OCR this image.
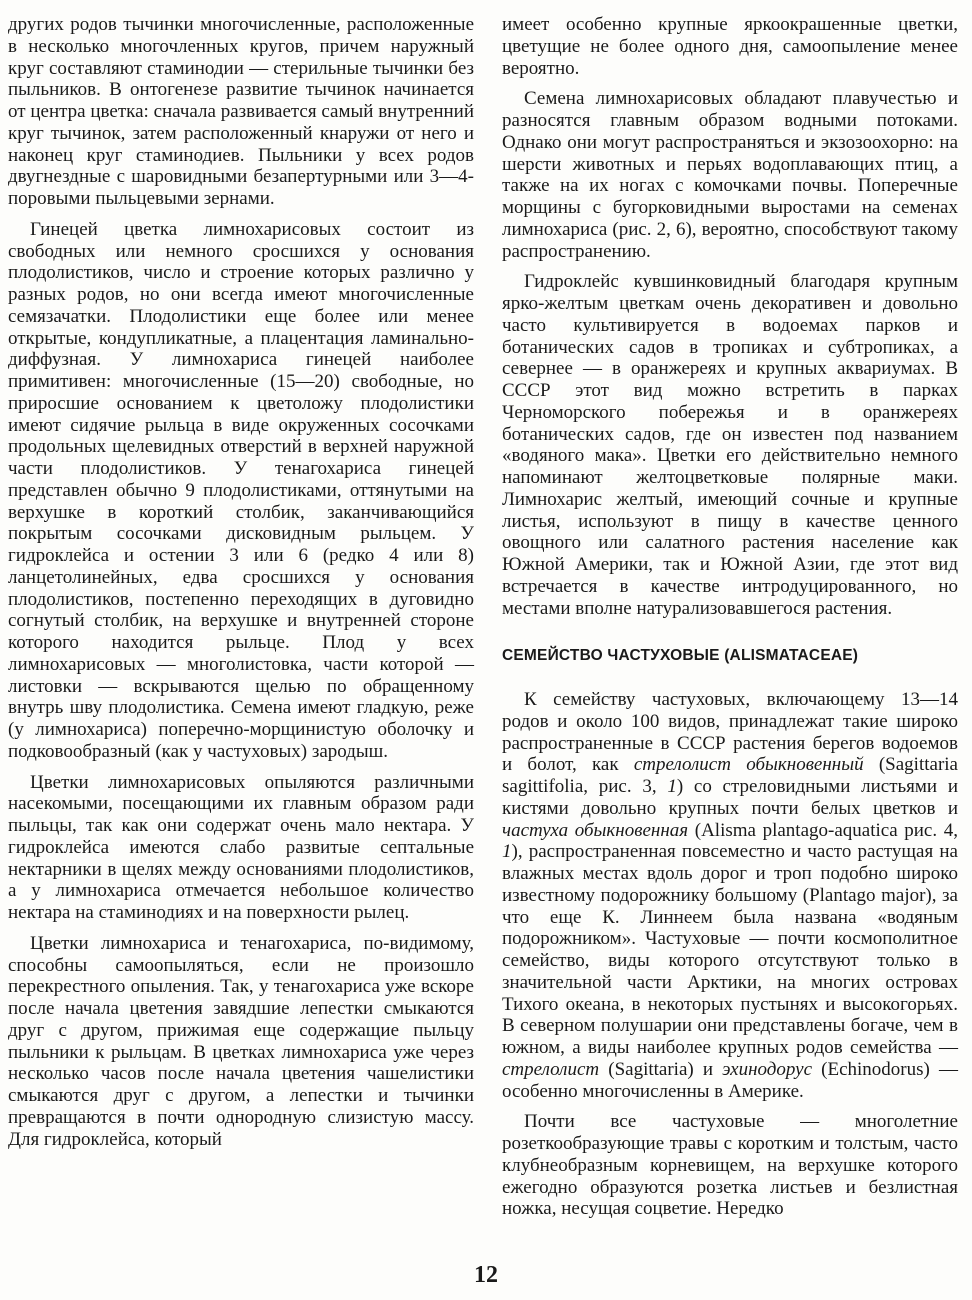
других родов тычинки многочисленные, расположенные в несколько многочленных кругов, причем наружный круг составляют стаминодии — стерильные тычинки без пыльников. В онтогенезе развитие тычинок начинается от центра цветка: сначала развивается самый внутренний круг тычинок, затем расположенный кнаружи от него и наконец круг стаминодиев. Пыльники у всех родов двугнездные с шаровидными безапертурными или 3—4-поровыми пыльцевыми зернами.

Гинецей цветка лимнохарисовых состоит из свободных или немного сросшихся у основания плодолистиков, число и строение которых различно у разных родов, но они всегда имеют многочисленные семязачатки. Плодолистики еще более или менее открытые, кондупликатные, а плацентация ламинально-диффузная. У лимнохариса гинецей наиболее примитивен: многочисленные (15—20) свободные, но приросшие основанием к цветоложу плодолистики имеют сидячие рыльца в виде окруженных сосочками продольных щелевидных отверстий в верхней наружной части плодолистиков. У тенагохариса гинецей представлен обычно 9 плодолистиками, оттянутыми на верхушке в короткий столбик, заканчивающийся покрытым сосочками дисковидным рыльцем. У гидроклейса и остении 3 или 6 (редко 4 или 8) ланцетолинейных, едва сросшихся у основания плодолистиков, постепенно переходящих в дуговидно согнутый столбик, на верхушке и внутренней стороне которого находится рыльце. Плод у всех лимнохарисовых — многолистовка, части которой — листовки — вскрываются щелью по обращенному внутрь шву плодолистика. Семена имеют гладкую, реже (у лимнохариса) поперечно-морщинистую оболочку и подковообразный (как у частуховых) зародыш.

Цветки лимнохарисовых опыляются различными насекомыми, посещающими их главным образом ради пыльцы, так как они содержат очень мало нектара. У гидроклейса имеются слабо развитые септальные нектарники в щелях между основаниями плодолистиков, а у лимнохариса отмечается небольшое количество нектара на стаминодиях и на поверхности рылец.

Цветки лимнохариса и тенагохариса, по-видимому, способны самоопыляться, если не произошло перекрестного опыления. Так, у тенагохариса уже вскоре после начала цветения завядшие лепестки смыкаются друг с другом, прижимая еще содержащие пыльцу пыльники к рыльцам. В цветках лимнохариса уже через несколько часов после начала цветения чашелистики смыкаются друг с другом, а лепестки и тычинки превращаются в почти однородную слизистую массу. Для гидроклейса, который

имеет особенно крупные яркоокрашенные цветки, цветущие не более одного дня, самоопыление менее вероятно.

Семена лимнохарисовых обладают плавучестью и разносятся главным образом водными потоками. Однако они могут распространяться и экзозоохорно: на шерсти животных и перьях водоплавающих птиц, а также на их ногах с комочками почвы. Поперечные морщины с бугорковидными выростами на семенах лимнохариса (рис. 2, 6), вероятно, способствуют такому распространению.

Гидроклейс кувшинковидный благодаря крупным ярко-желтым цветкам очень декоративен и довольно часто культивируется в водоемах парков и ботанических садов в тропиках и субтропиках, а севернее — в оранжереях и крупных аквариумах. В СССР этот вид можно встретить в парках Черноморского побережья и в оранжереях ботанических садов, где он известен под названием «водяного мака». Цветки его действительно немного напоминают желтоцветковые полярные маки. Лимнохарис желтый, имеющий сочные и крупные листья, используют в пищу в качестве ценного овощного или салатного растения население как Южной Америки, так и Южной Азии, где этот вид встречается в качестве интродуцированного, но местами вполне натурализовавшегося растения.

СЕМЕЙСТВО ЧАСТУХОВЫЕ (ALISMATACEAE)

К семейству частуховых, включающему 13—14 родов и около 100 видов, принадлежат такие широко распространенные в СССР растения берегов водоемов и болот, как стрелолист обыкновенный (Sagittaria sagittifolia, рис. 3, 1) со стреловидными листьями и кистями довольно крупных почти белых цветков и частуха обыкновенная (Alisma plantago-aquatica рис. 4, 1), распространенная повсеместно и часто растущая на влажных местах вдоль дорог и троп подобно широко известному подорожнику большому (Plantago major), за что еще К. Линнеем была названа «водяным подорожником». Частуховые — почти космополитное семейство, виды которого отсутствуют только в значительной части Арктики, на многих островах Тихого океана, в некоторых пустынях и высокогорьях. В северном полушарии они представлены богаче, чем в южном, а виды наиболее крупных родов семейства — стрелолист (Sagittaria) и эхинодорус (Echinodorus) — особенно многочисленны в Америке.

Почти все частуховые — многолетние розеткообразующие травы с коротким и толстым, часто клубнеобразным корневищем, на верхушке которого ежегодно образуются розетка листьев и безлистная ножка, несущая соцветие. Нередко

12
